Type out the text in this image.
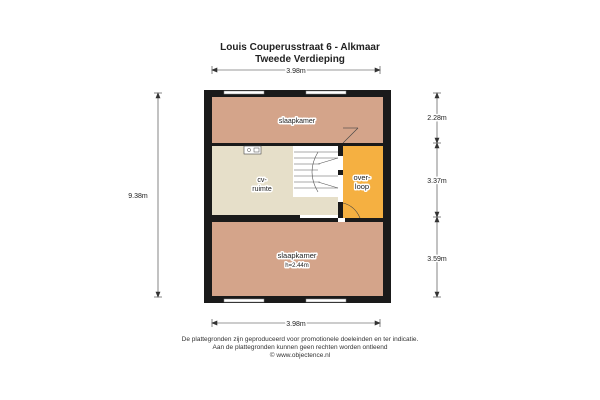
Louis Couperusstraat 6 - Alkmaar
Tweede Verdieping
slaapkamer
cv-
ruimte
over-
loop
slaapkamer
h=2.44m
3.98m
3.98m
9.38m
2.28m
3.37m
3.59m
De plattegronden zijn geproduceerd voor promotionele doeleinden en ter indicatie.
Aan de plattegronden kunnen geen rechten worden ontleend
© www.objectence.nl
